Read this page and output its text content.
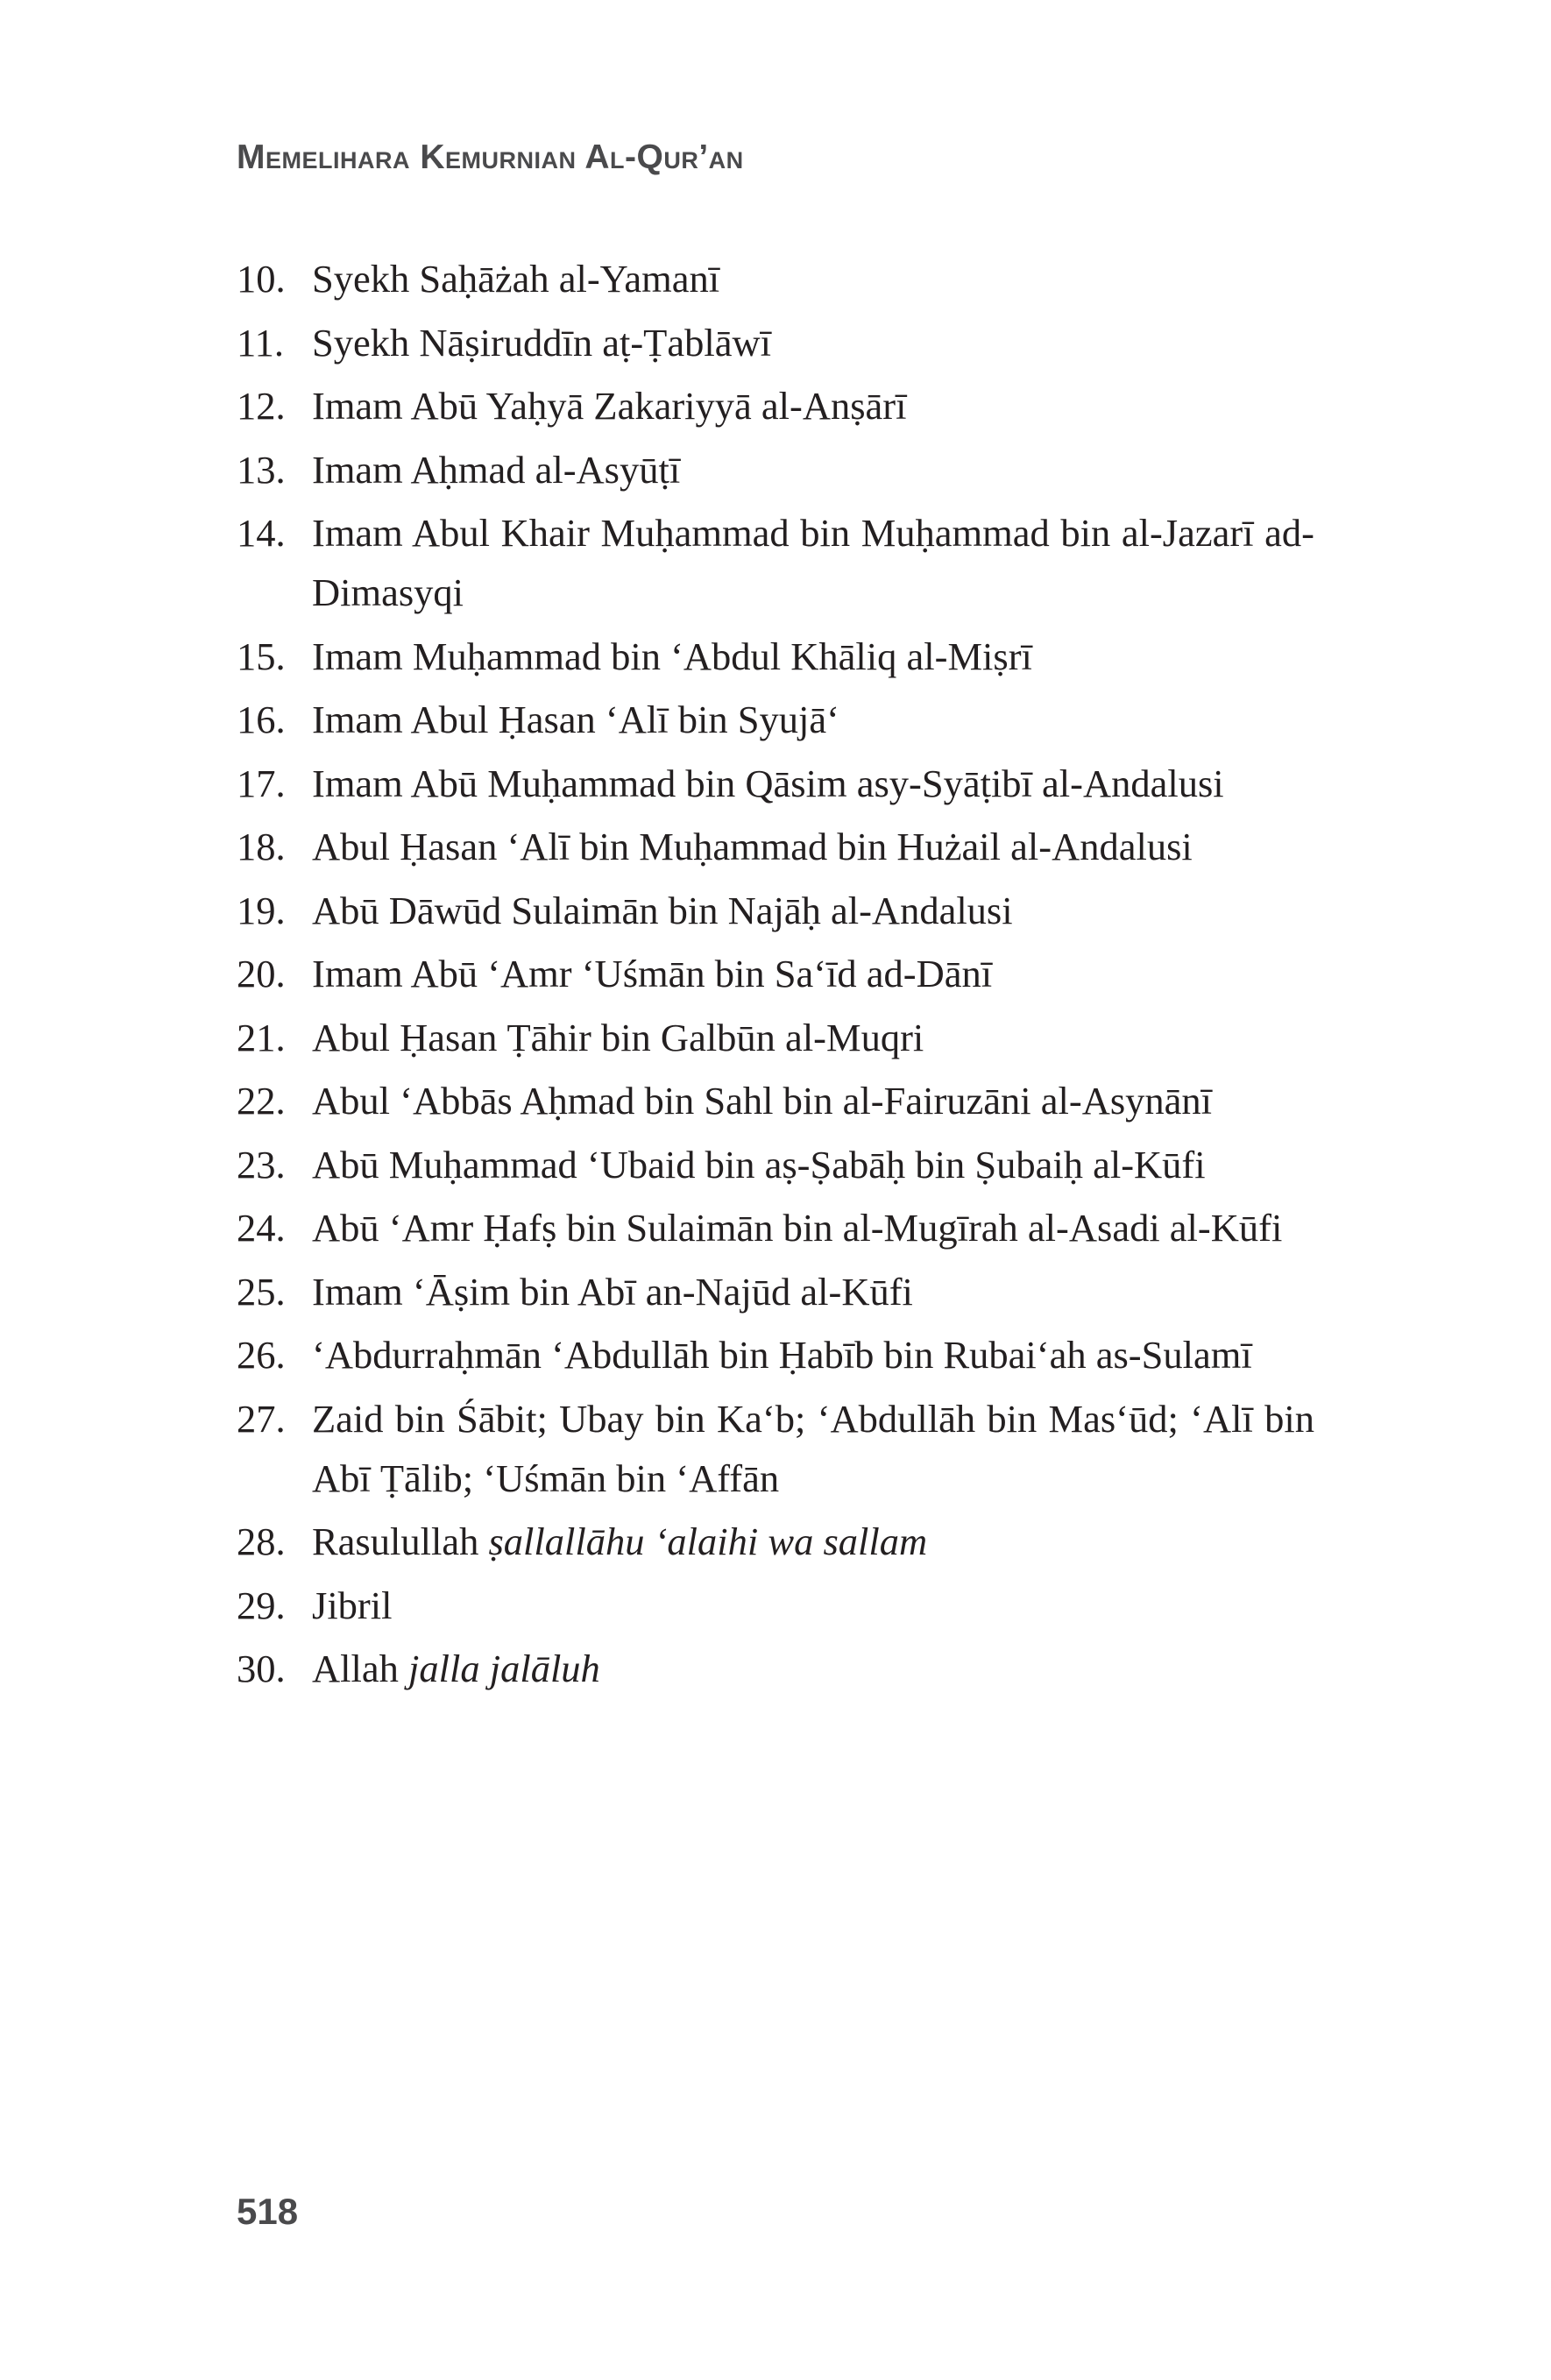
Memelihara Kemurnian Al-Qur’an
10. Syekh Saḥāżah al-Yamanī
11. Syekh Nāṣiruddīn aṭ-Ṭablāwī
12. Imam Abū Yaḥyā Zakariyyā al-Anṣārī
13. Imam Aḥmad al-Asyūṭī
14. Imam Abul Khair Muḥammad bin Muḥammad bin al-Jazarī ad-Dimasyqi
15. Imam Muḥammad bin ‘Abdul Khāliq al-Miṣrī
16. Imam Abul Ḥasan ‘Alī bin Syujā‘
17. Imam Abū Muḥammad bin Qāsim asy-Syāṭibī al-Andalusi
18. Abul Ḥasan ‘Alī bin Muḥammad bin Hużail al-Andalusi
19. Abū Dāwūd Sulaimān bin Najāḥ al-Andalusi
20. Imam Abū ‘Amr ‘Uśmān bin Sa‘īd ad-Dānī
21. Abul Ḥasan Ṭāhir bin Galbūn al-Muqri
22. Abul ‘Abbās Aḥmad bin Sahl bin al-Fairuzāni al-Asynānī
23. Abū Muḥammad ‘Ubaid bin aṣ-Ṣabāḥ bin Ṣubaiḥ al-Kūfi
24. Abū ‘Amr Ḥafṣ bin Sulaimān bin al-Mugīrah al-Asadi al-Kūfi
25. Imam ‘Āṣim bin Abī an-Najūd al-Kūfi
26. ‘Abdurraḥmān ‘Abdullāh bin Ḥabīb bin Rubai‘ah as-Sulamī
27. Zaid bin Śābit; Ubay bin Ka‘b; ‘Abdullāh bin Mas‘ūd; ‘Alī bin Abī Ṭālib; ‘Uśmān bin ‘Affān
28. Rasulullah ṣallallāhu ‘alaihi wa sallam
29. Jibril
30. Allah jalla jalāluh
518
